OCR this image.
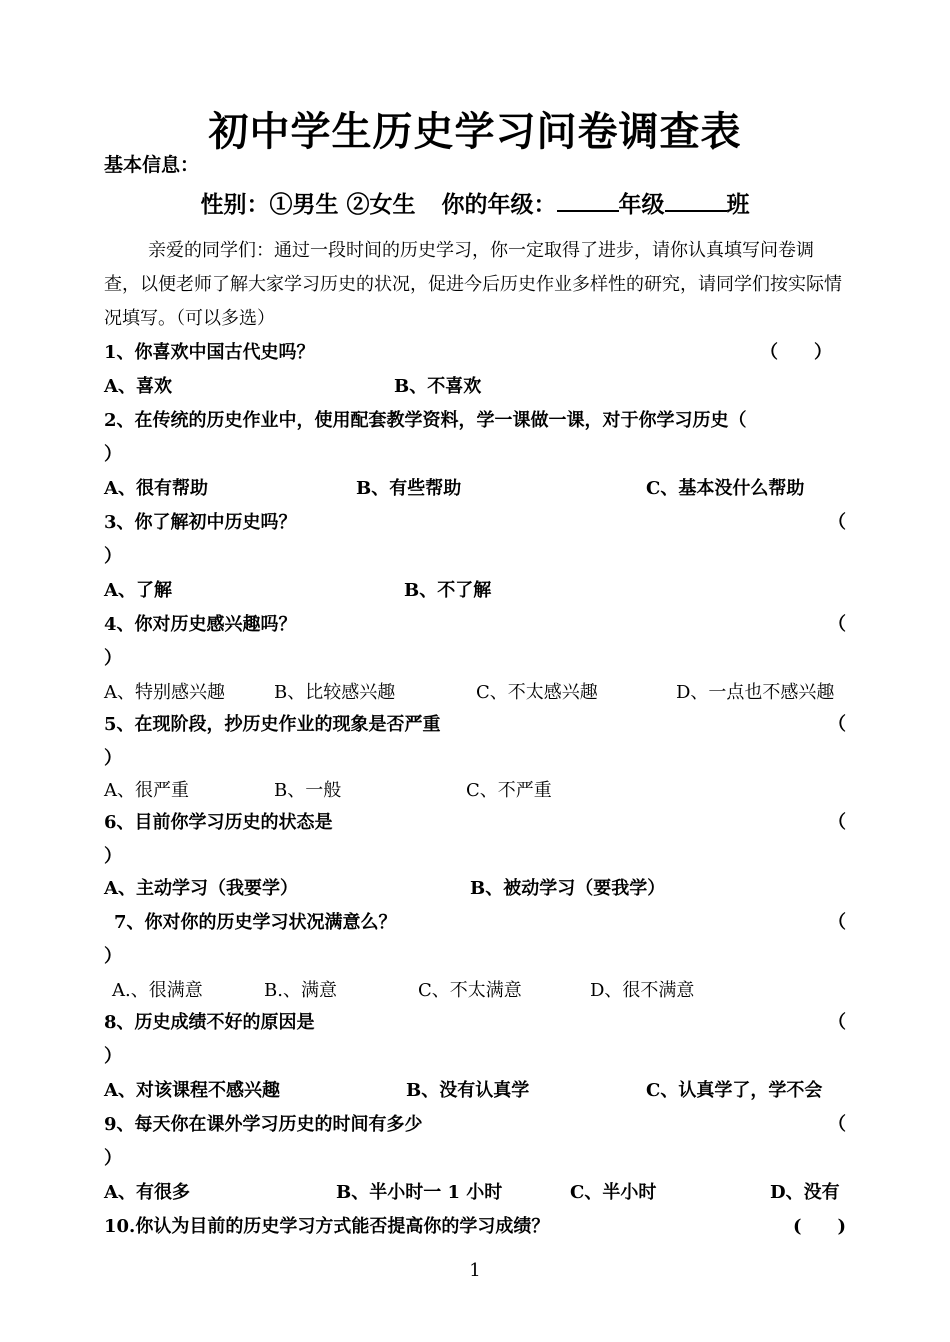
初中学生历史学习问卷调查表
基本信息：
性别：①男生 ②女生 你的年级：	年级	班
亲爱的同学们：通过一段时间的历史学习，你一定取得了进步，请你认真填写问卷调查，以便老师了解大家学习历史的状况，促进今后历史作业多样性的研究，请同学们按实际情况填写。（可以多选）
1、你喜欢中国古代史吗？	（　　）
A、喜欢	B、不喜欢
2、在传统的历史作业中，使用配套教学资料，学一课做一课，对于你学习历史（
）
A、很有帮助	B、有些帮助	C、基本没什么帮助
3、你了解初中历史吗？	（
）
A、了解	B、不了解
4、你对历史感兴趣吗？	（
）
A、特别感兴趣	B、比较感兴趣	C、不太感兴趣	D、一点也不感兴趣
5、在现阶段，抄历史作业的现象是否严重	（
）
A、很严重	B、一般	C、不严重
6、目前你学习历史的状态是	（
）
A、主动学习（我要学）	B、被动学习（要我学）
7、你对你的历史学习状况满意么？	（
）
A.、很满意	B.、满意	C、不太满意	D、很不满意
8、历史成绩不好的原因是	（
）
A、对该课程不感兴趣	B、没有认真学	C、认真学了，学不会
9、每天你在课外学习历史的时间有多少	（
）
A、有很多	B、半小时一 1 小时	C、半小时	D、没有
10.你认为目前的历史学习方式能否提高你的学习成绩？	(　　)
1
